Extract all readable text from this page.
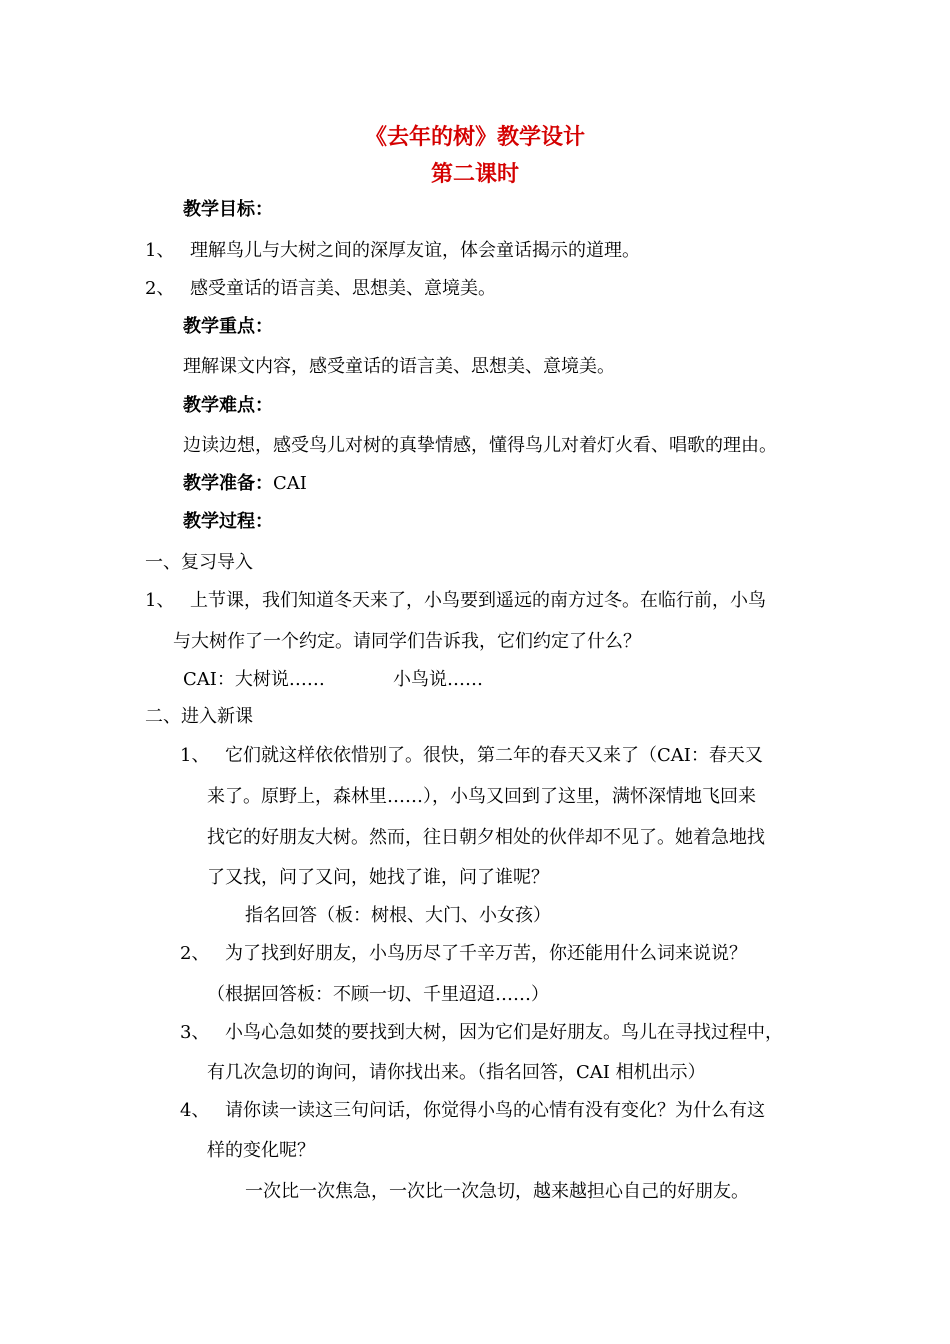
《去年的树》教学设计
第二课时
教学目标：
1、 理解鸟儿与大树之间的深厚友谊，体会童话揭示的道理。
2、 感受童话的语言美、思想美、意境美。
教学重点：
理解课文内容，感受童话的语言美、思想美、意境美。
教学难点：
边读边想，感受鸟儿对树的真挚情感，懂得鸟儿对着灯火看、唱歌的理由。
教学准备：CAI
教学过程：
一、复习导入
1、 上节课，我们知道冬天来了，小鸟要到遥远的南方过冬。在临行前，小鸟
与大树作了一个约定。请同学们告诉我，它们约定了什么？
CAI：大树说……	小鸟说……
二、进入新课
1、 它们就这样依依惜别了。很快，第二年的春天又来了（CAI：春天又
来了。原野上，森林里……），小鸟又回到了这里，满怀深情地飞回来
找它的好朋友大树。然而，往日朝夕相处的伙伴却不见了。她着急地找
了又找，问了又问，她找了谁，问了谁呢？
指名回答（板：树根、大门、小女孩）
2、 为了找到好朋友，小鸟历尽了千辛万苦，你还能用什么词来说说？
（根据回答板：不顾一切、千里迢迢……）
3、 小鸟心急如焚的要找到大树，因为它们是好朋友。鸟儿在寻找过程中，
有几次急切的询问，请你找出来。（指名回答，CAI 相机出示）
4、 请你读一读这三句问话，你觉得小鸟的心情有没有变化？为什么有这
样的变化呢？
一次比一次焦急，一次比一次急切，越来越担心自己的好朋友。
